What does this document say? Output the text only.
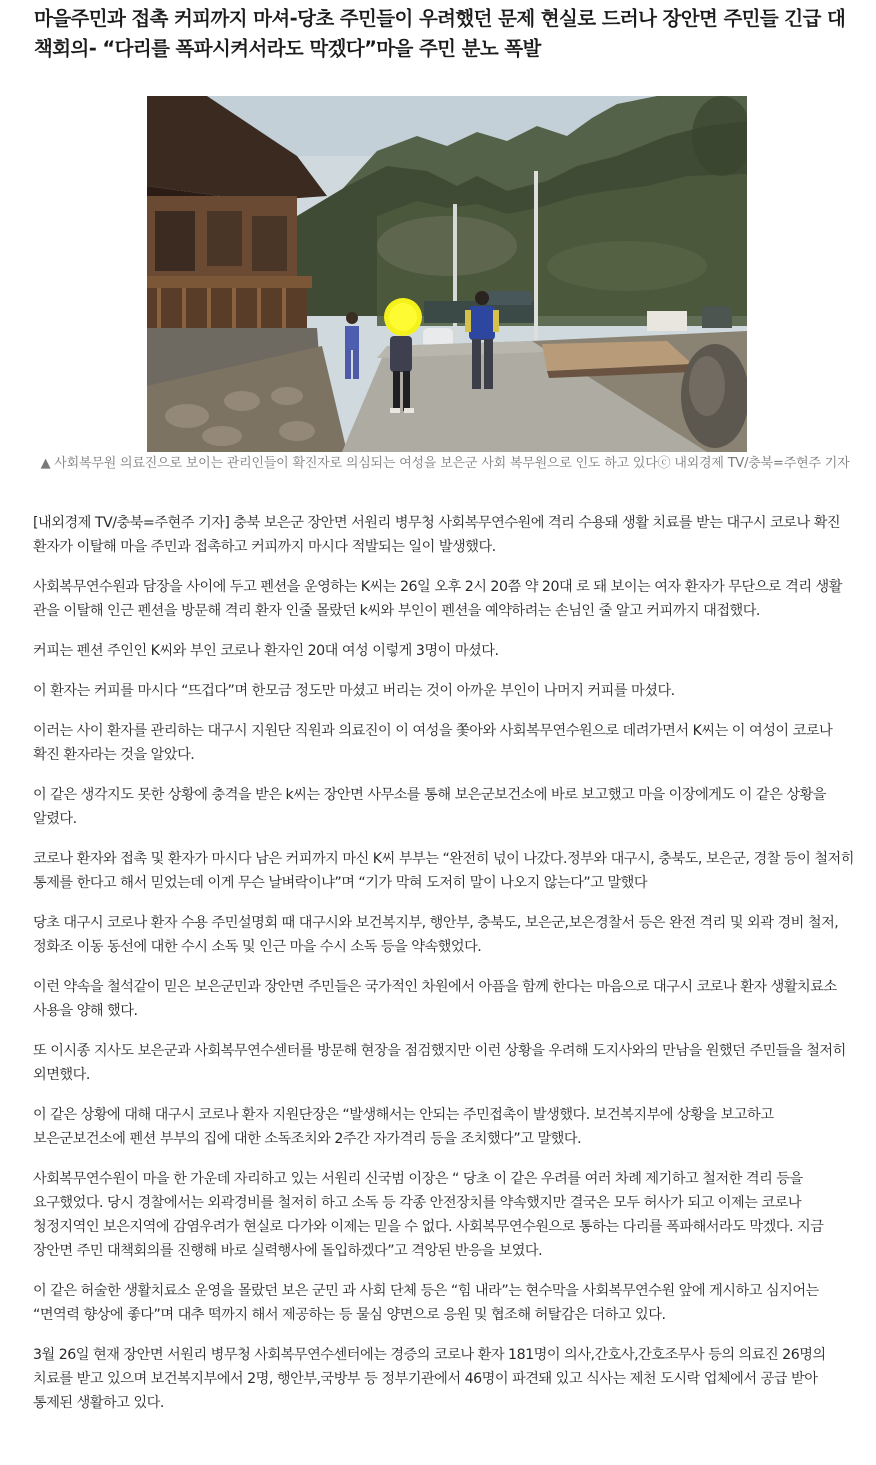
마을주민과 접촉 커피까지 마셔-당초 주민들이 우려했던 문제 현실로 드러나 장안면 주민들 긴급 대책회의- “다리를 폭파시켜서라도 막겠다”마을 주민 분노 폭발
▲ 사회복무원 의료진으로 보이는 관리인들이 확진자로 의심되는 여성을 보은군 사회 복무원으로 인도 하고 있다ⓒ 내외경제 TV/충북=주현주 기자

[내외경제 TV/충북=주현주 기자] 충북 보은군 장안면 서원리 병무청 사회복무연수원에 격리 수용돼 생활 치료를 받는 대구시 코로나 확진 환자가 이탈해 마을 주민과 접촉하고 커피까지 마시다 적발되는 일이 발생했다.

사회복무연수원과 담장을 사이에 두고 펜션을 운영하는 K씨는 26일 오후 2시 20쯤 약 20대 로 돼 보이는 여자 환자가 무단으로 격리 생활 관을 이탈해 인근 펜션을 방문해 격리 환자 인줄 몰랐던 k씨와 부인이 펜션을 예약하려는 손님인 줄 알고 커피까지 대접했다.

커피는 펜션 주인인 K씨와 부인 코로나 환자인 20대 여성 이렇게 3명이 마셨다.

이 환자는 커피를 마시다 “뜨겁다”며 한모금 정도만 마셨고 버리는 것이 아까운 부인이 나머지 커피를 마셨다.

이러는 사이 환자를 관리하는 대구시 지원단 직원과 의료진이 이 여성을 쫓아와 사회복무연수원으로 데려가면서 K씨는 이 여성이 코로나 확진 환자라는 것을 알았다.

이 같은 생각지도 못한 상황에 충격을 받은 k씨는 장안면 사무소를 통해 보은군보건소에 바로 보고했고 마을 이장에게도 이 같은 상황을 알렸다.

코로나 환자와 접촉 및 환자가 마시다 남은 커피까지 마신 K씨 부부는 “완전히 넋이 나갔다.정부와 대구시, 충북도, 보은군, 경찰 등이 철저히 통제를 한다고 해서 믿었는데 이게 무슨 날벼락이냐”며 “기가 막혀 도저히 말이 나오지 않는다”고 말했다

당초 대구시 코로나 환자 수용 주민설명회 때 대구시와 보건복지부, 행안부, 충북도, 보은군,보은경찰서 등은 완전 격리 및 외곽 경비 철저, 정화조 이동 동선에 대한 수시 소독 및 인근 마을 수시 소독 등을 약속했었다.

이런 약속을 철석같이 믿은 보은군민과 장안면 주민들은 국가적인 차원에서 아픔을 함께 한다는 마음으로 대구시 코로나 환자 생활치료소 사용을 양해 했다.

또 이시종 지사도 보은군과 사회복무연수센터를 방문해 현장을 점검했지만 이런 상황을 우려해 도지사와의 만남을 원했던 주민들을 철저히 외면했다.

이 같은 상황에 대해 대구시 코로나 환자 지원단장은 “발생해서는 안되는 주민접촉이 발생했다. 보건복지부에 상황을 보고하고 보은군보건소에 펜션 부부의 집에 대한 소독조치와 2주간 자가격리 등을 조치했다”고 말했다.

사회복무연수원이 마을 한 가운데 자리하고 있는 서원리 신국범 이장은 “ 당초 이 같은 우려를 여러 차례 제기하고 철저한 격리 등을 요구했었다. 당시 경찰에서는 외곽경비를 철저히 하고 소독 등 각종 안전장치를 약속했지만 결국은 모두 허사가 되고 이제는 코로나 청정지역인 보은지역에 감염우려가 현실로 다가와 이제는 믿을 수 없다. 사회복무연수원으로 통하는 다리를 폭파해서라도 막겠다. 지금 장안면 주민 대책회의를 진행해 바로 실력행사에 돌입하겠다”고 격앙된 반응을 보였다.

이 같은 허술한 생활치료소 운영을 몰랐던 보은 군민 과 사회 단체 등은 “힘 내라”는 현수막을 사회복무연수원 앞에 게시하고 심지어는 “면역력 향상에 좋다”며 대추 떡까지 해서 제공하는 등 물심 양면으로 응원 및 협조해 허탈감은 더하고 있다.

3월 26일 현재 장안면 서원리 병무청 사회복무연수센터에는 경증의 코로나 환자 181명이 의사,간호사,간호조무사 등의 의료진 26명의 치료를 받고 있으며 보건복지부에서 2명, 행안부,국방부 등 정부기관에서 46명이 파견돼 있고 식사는 제천 도시락 업체에서 공급 받아 통제된 생활하고 있다.
